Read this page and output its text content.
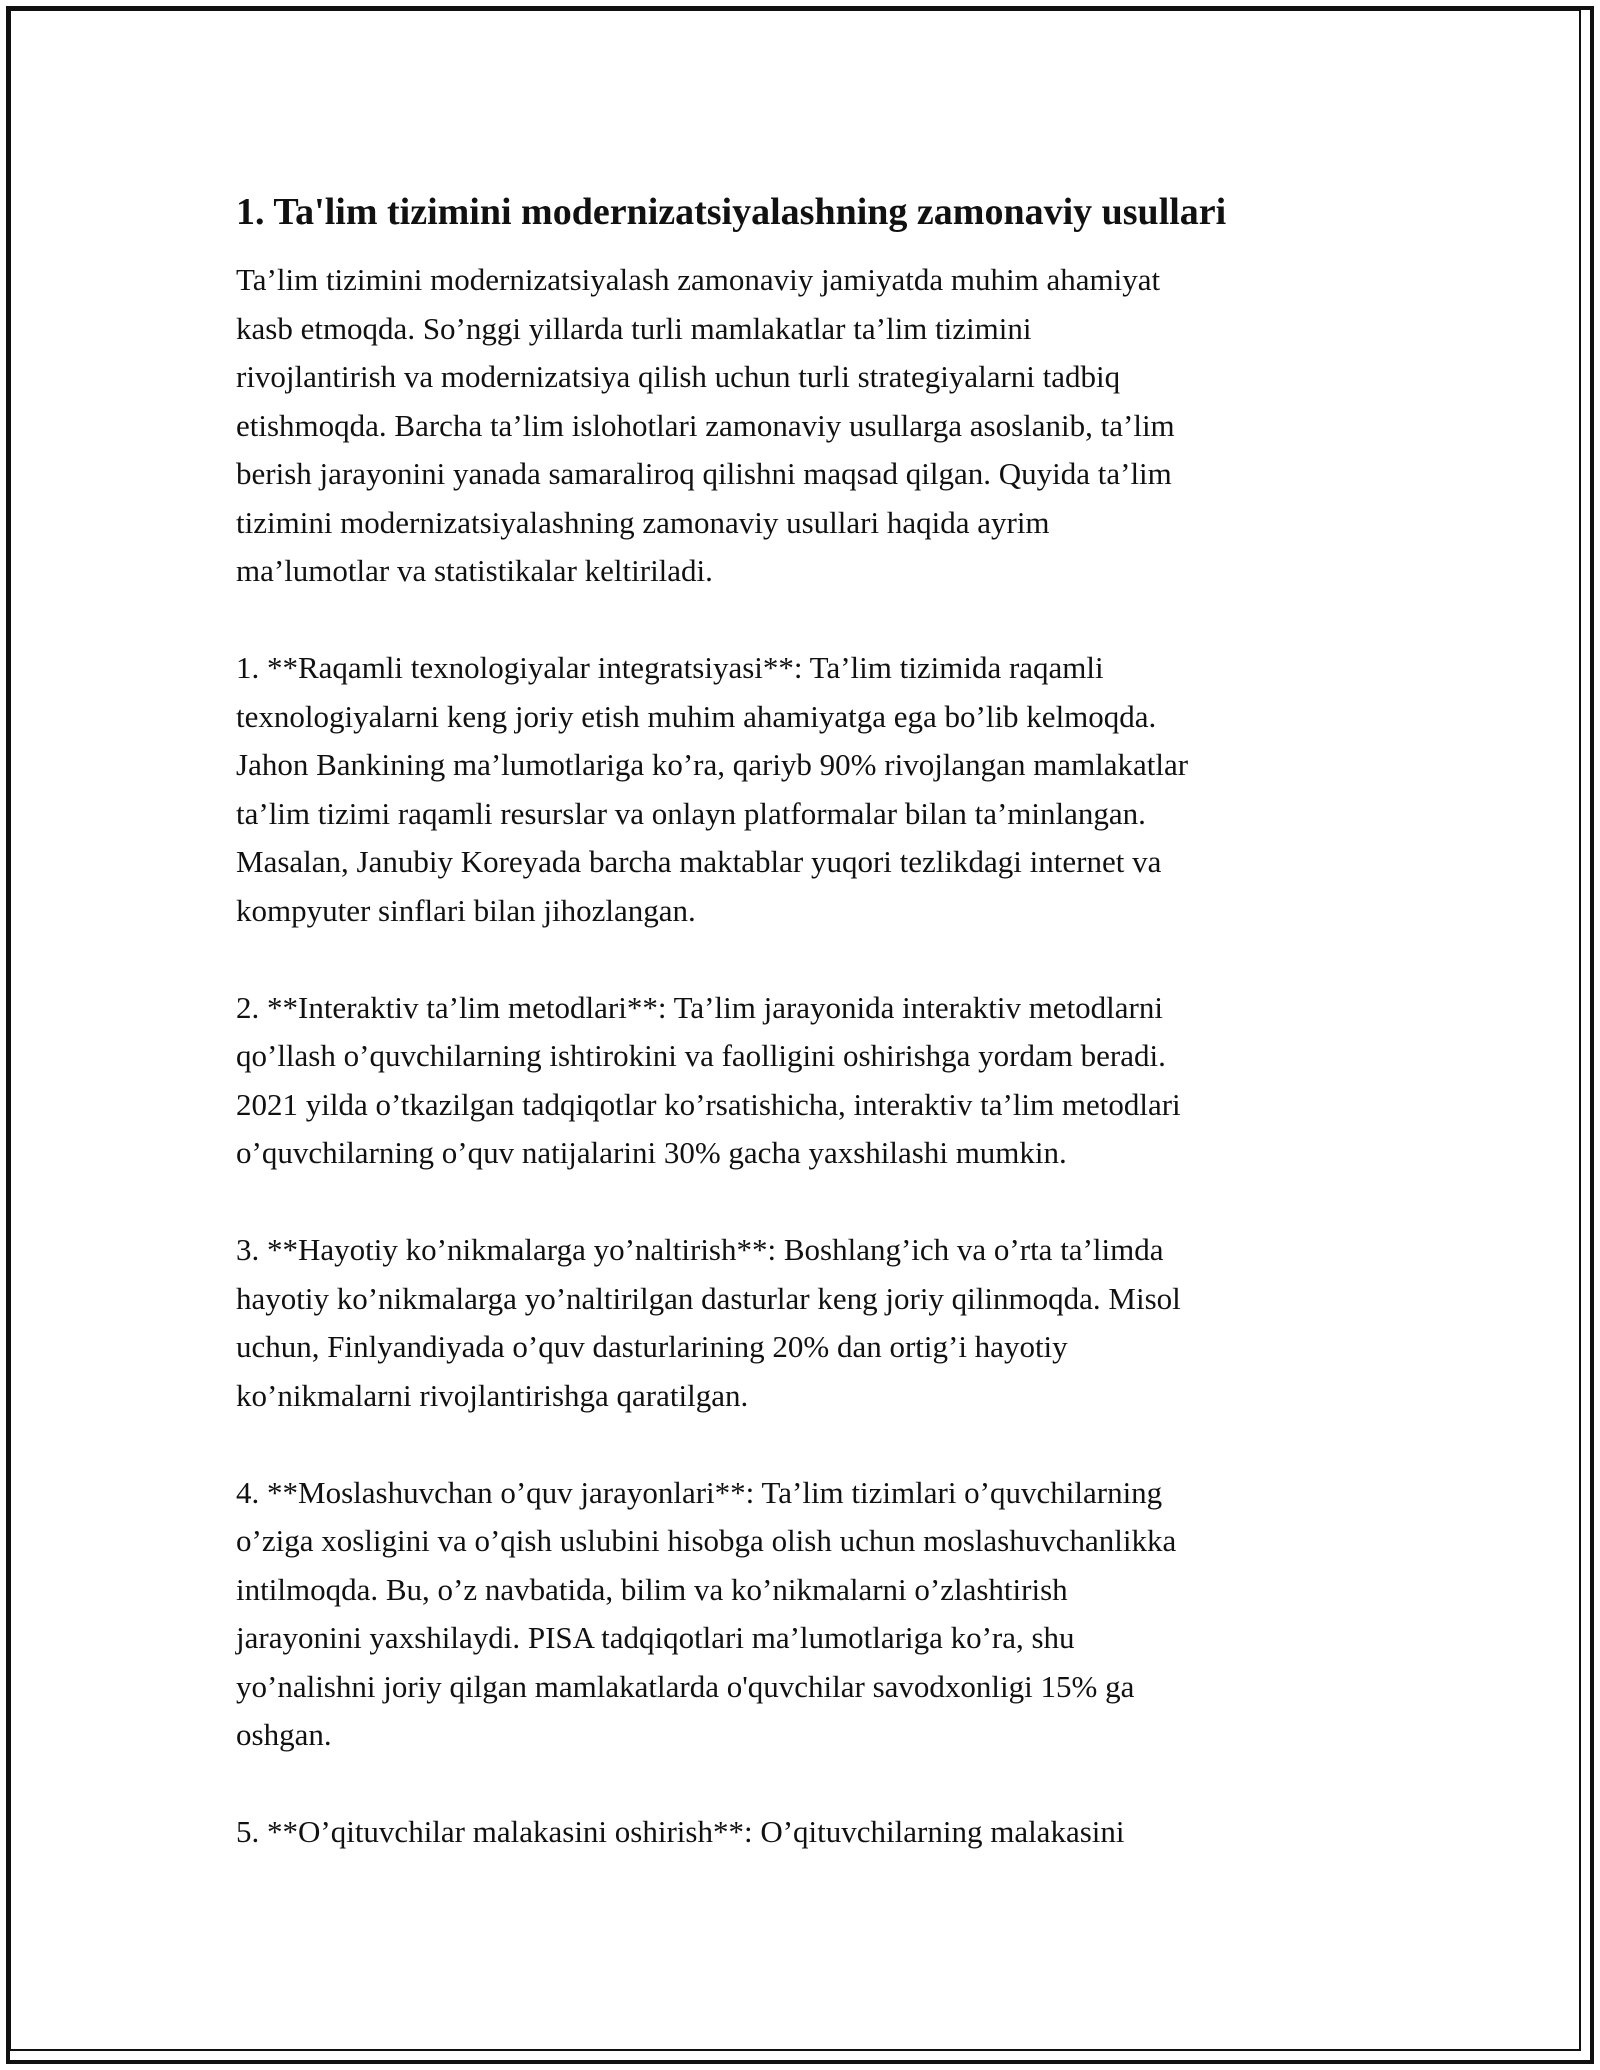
1. Ta'lim tizimini modernizatsiyalashning zamonaviy usullari

Ta’lim tizimini modernizatsiyalash zamonaviy jamiyatda muhim ahamiyat
kasb etmoqda. So’nggi yillarda turli mamlakatlar ta’lim tizimini
rivojlantirish va modernizatsiya qilish uchun turli strategiyalarni tadbiq
etishmoqda. Barcha ta’lim islohotlari zamonaviy usullarga asoslanib, ta’lim
berish jarayonini yanada samaraliroq qilishni maqsad qilgan. Quyida ta’lim
tizimini modernizatsiyalashning zamonaviy usullari haqida ayrim
ma’lumotlar va statistikalar keltiriladi.

1. **Raqamli texnologiyalar integratsiyasi**: Ta’lim tizimida raqamli
texnologiyalarni keng joriy etish muhim ahamiyatga ega bo’lib kelmoqda.
Jahon Bankining ma’lumotlariga ko’ra, qariyb 90% rivojlangan mamlakatlar
ta’lim tizimi raqamli resurslar va onlayn platformalar bilan ta’minlangan.
Masalan, Janubiy Koreyada barcha maktablar yuqori tezlikdagi internet va
kompyuter sinflari bilan jihozlangan.

2. **Interaktiv ta’lim metodlari**: Ta’lim jarayonida interaktiv metodlarni
qo’llash o’quvchilarning ishtirokini va faolligini oshirishga yordam beradi.
2021 yilda o’tkazilgan tadqiqotlar ko’rsatishicha, interaktiv ta’lim metodlari
o’quvchilarning o’quv natijalarini 30% gacha yaxshilashi mumkin.

3. **Hayotiy ko’nikmalarga yo’naltirish**: Boshlang’ich va o’rta ta’limda
hayotiy ko’nikmalarga yo’naltirilgan dasturlar keng joriy qilinmoqda. Misol
uchun, Finlyandiyada o’quv dasturlarining 20% dan ortig’i hayotiy
ko’nikmalarni rivojlantirishga qaratilgan.

4. **Moslashuvchan o’quv jarayonlari**: Ta’lim tizimlari o’quvchilarning
o’ziga xosligini va o’qish uslubini hisobga olish uchun moslashuvchanlikka
intilmoqda. Bu, o’z navbatida, bilim va ko’nikmalarni o’zlashtirish
jarayonini yaxshilaydi. PISA tadqiqotlari ma’lumotlariga ko’ra, shu
yo’nalishni joriy qilgan mamlakatlarda o'quvchilar savodxonligi 15% ga
oshgan.

5. **O’qituvchilar malakasini oshirish**: O’qituvchilarning malakasini
